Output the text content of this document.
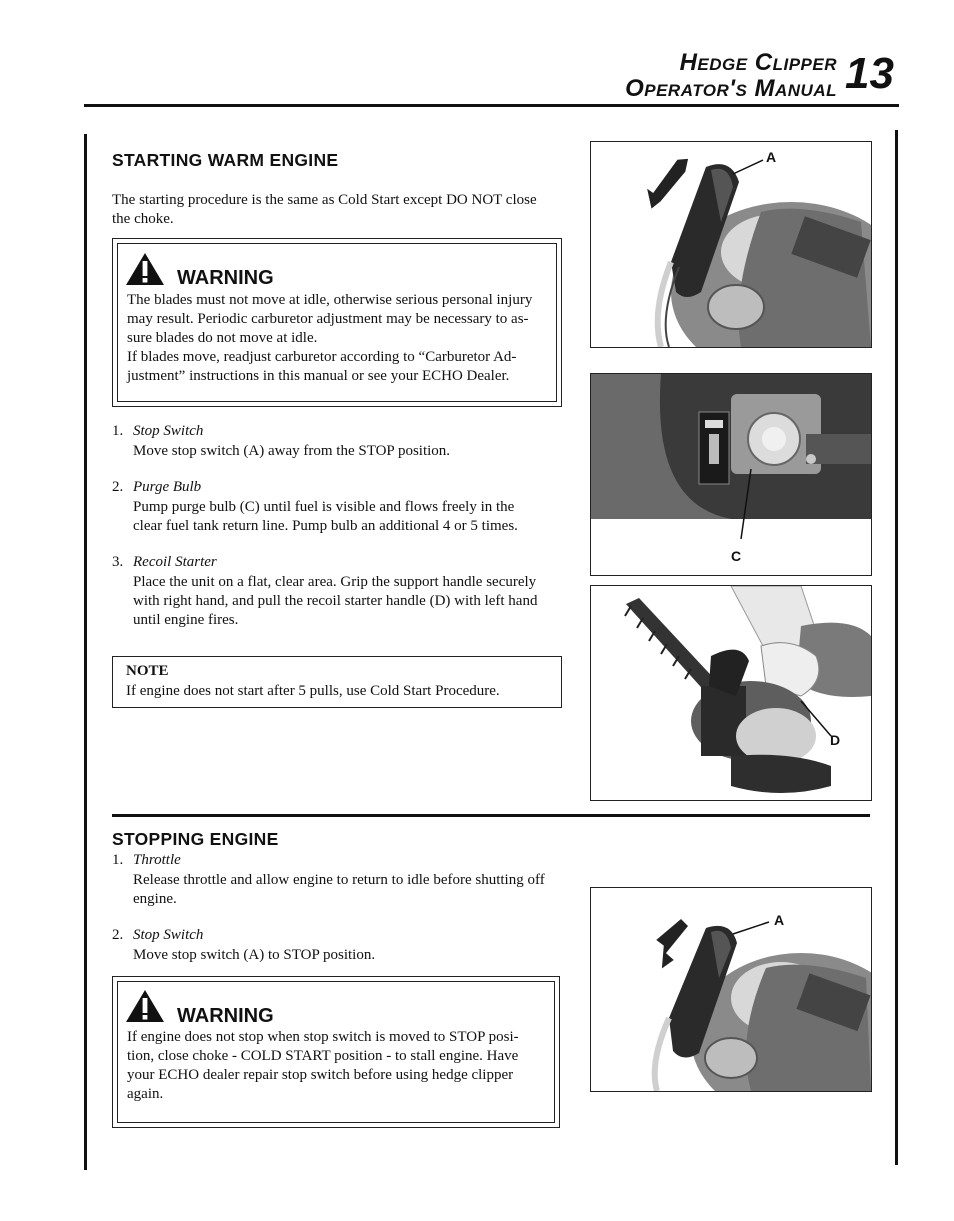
Hedge Clipper
Operator's Manual 13
STARTING WARM ENGINE

The starting procedure is the same as Cold Start except DO NOT close
the choke.

WARNING
The blades must not move at idle, otherwise serious personal injury
may result. Periodic carburetor adjustment may be necessary to as-
sure blades do not move at idle.
If blades move, readjust carburetor according to “Carburetor Ad-
justment” instructions in this manual or see your ECHO Dealer.
1. Stop Switch
Move stop switch (A) away from the STOP position.
2. Purge Bulb
Pump purge bulb (C) until fuel is visible and flows freely in the
clear fuel tank return line. Pump bulb an additional 4 or 5 times.
3. Recoil Starter
Place the unit on a flat, clear area. Grip the support handle securely
with right hand, and pull the recoil starter handle (D) with left hand
until engine fires.
NOTE
If engine does not start after 5 pulls, use Cold Start Procedure.
A
C
D
STOPPING ENGINE
1. Throttle
Release throttle and allow engine to return to idle before shutting off
engine.
2. Stop Switch
Move stop switch (A) to STOP position.
WARNING
If engine does not stop when stop switch is moved to STOP posi-
tion, close choke - COLD START position - to stall engine. Have
your ECHO dealer repair stop switch before using hedge clipper
again.
A
